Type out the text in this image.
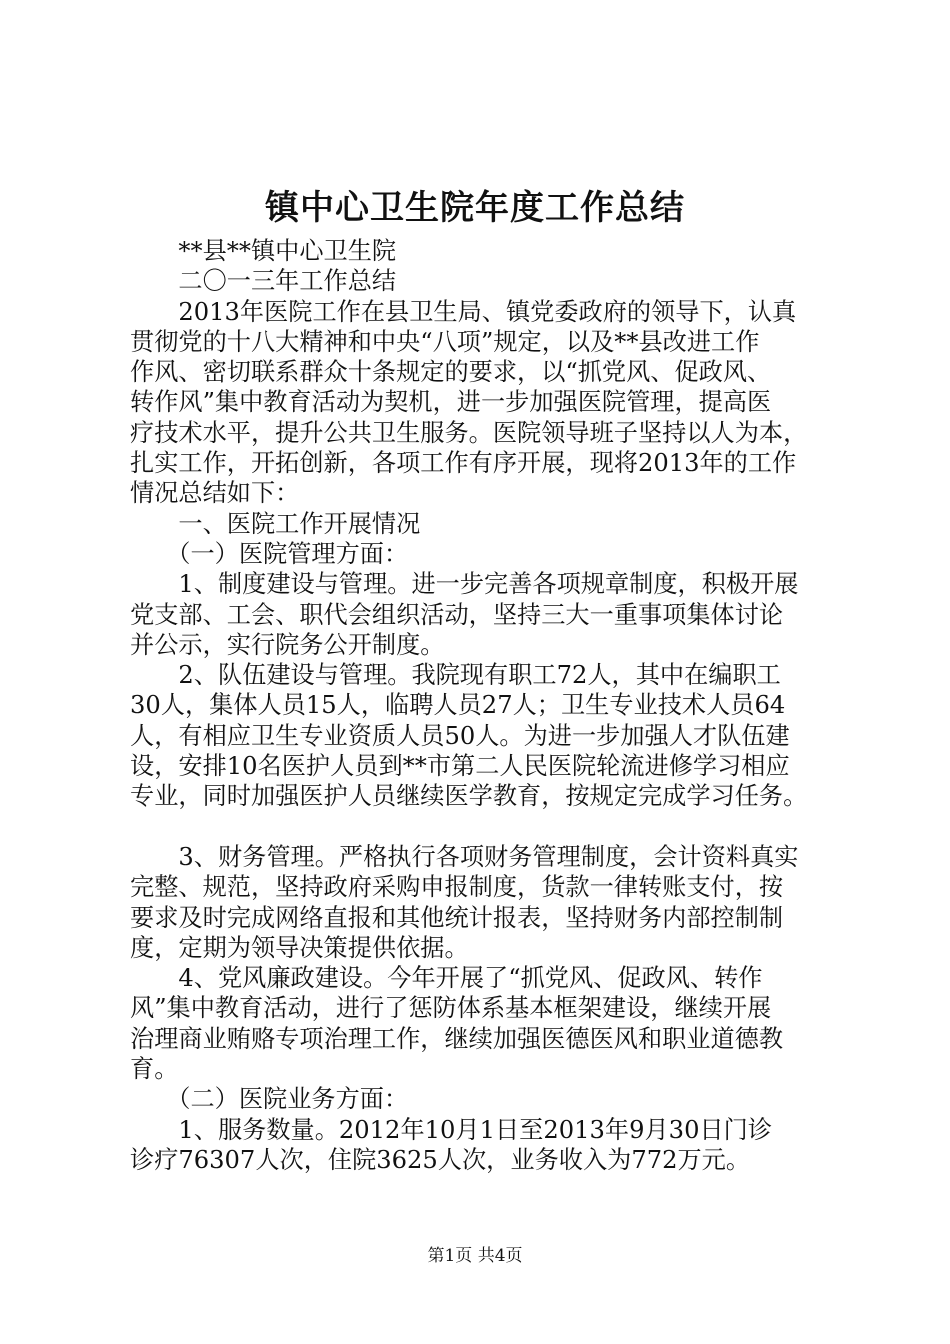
镇中心卫生院年度工作总结
　　**县**镇中心卫生院
　　二〇一三年工作总结
　　2013年医院工作在县卫生局、镇党委政府的领导下，认真
贯彻党的十八大精神和中央“八项”规定，以及**县改进工作
作风、密切联系群众十条规定的要求，以“抓党风、促政风、
转作风”集中教育活动为契机，进一步加强医院管理，提高医
疗技术水平，提升公共卫生服务。医院领导班子坚持以人为本，
扎实工作，开拓创新，各项工作有序开展，现将2013年的工作
情况总结如下：
　　一、医院工作开展情况
　　（一）医院管理方面：
　　1、制度建设与管理。进一步完善各项规章制度，积极开展
党支部、工会、职代会组织活动，坚持三大一重事项集体讨论
并公示，实行院务公开制度。
　　2、队伍建设与管理。我院现有职工72人，其中在编职工
30人，集体人员15人，临聘人员27人；卫生专业技术人员64
人，有相应卫生专业资质人员50人。为进一步加强人才队伍建
设，安排10名医护人员到**市第二人民医院轮流进修学习相应
专业，同时加强医护人员继续医学教育，按规定完成学习任务。
　　3、财务管理。严格执行各项财务管理制度，会计资料真实
完整、规范，坚持政府采购申报制度，货款一律转账支付，按
要求及时完成网络直报和其他统计报表，坚持财务内部控制制
度，定期为领导决策提供依据。
　　4、党风廉政建设。今年开展了“抓党风、促政风、转作
风”集中教育活动，进行了惩防体系基本框架建设，继续开展
治理商业贿赂专项治理工作，继续加强医德医风和职业道德教
育。
　　（二）医院业务方面：
　　1、服务数量。2012年10月1日至2013年9月30日门诊
诊疗76307人次，住院3625人次，业务收入为772万元。
第1页 共4页
